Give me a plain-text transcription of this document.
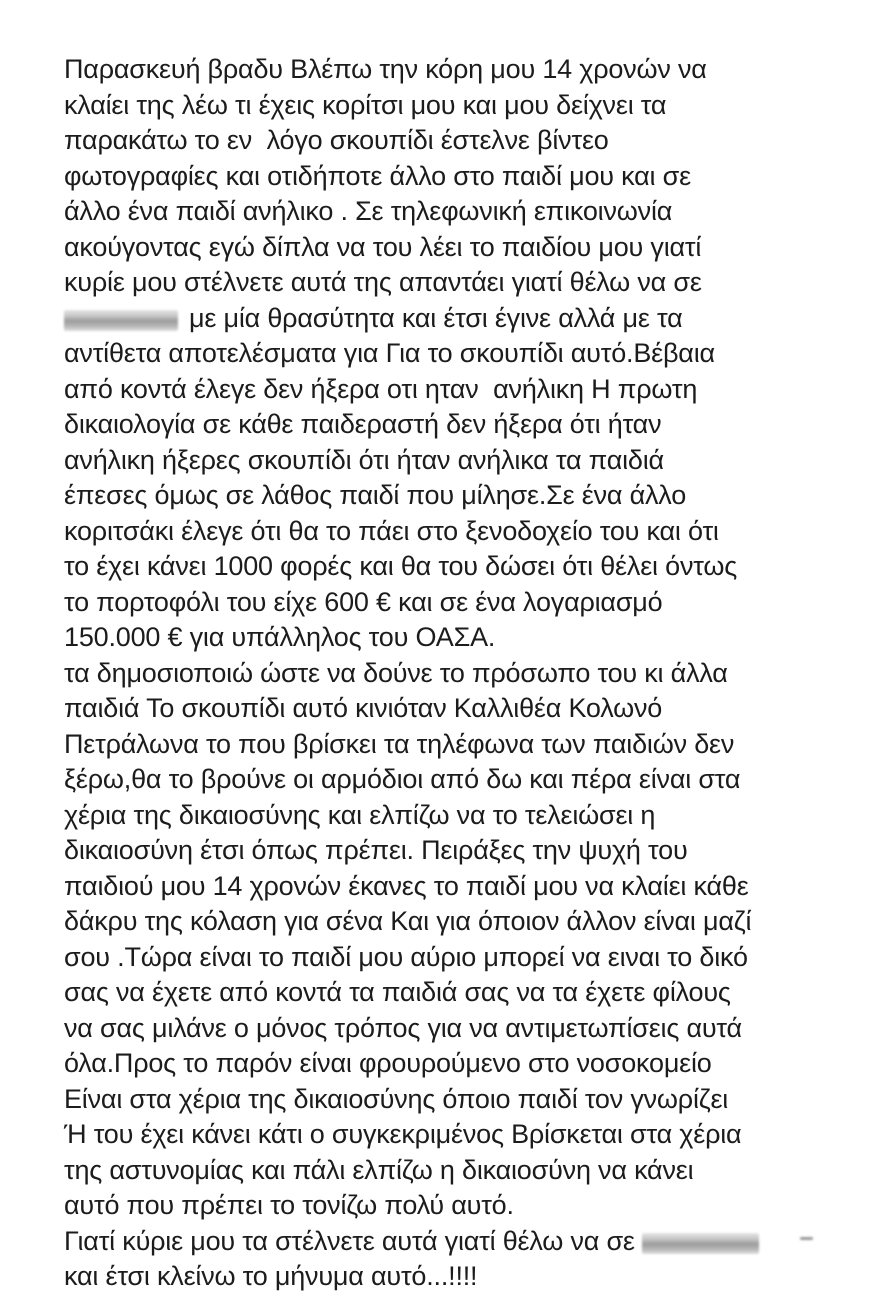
Παρασκευή βραδυ Βλέπω την κόρη μου 14 χρονών να
κλαίει της λέω τι έχεις κορίτσι μου και μου δείχνει τα
παρακάτω το εν  λόγο σκουπίδι έστελνε βίντεο
φωτογραφίες και οτιδήποτε άλλο στο παιδί μου και σε
άλλο ένα παιδί ανήλικο . Σε τηλεφωνική επικοινωνία
ακούγοντας εγώ δίπλα να του λέει το παιδίου μου γιατί
κυρίε μου στέλνετε αυτά της απαντάει γιατί θέλω να σε
με μία θρασύτητα και έτσι έγινε αλλά με τα
αντίθετα αποτελέσματα για Για το σκουπίδι αυτό.Βέβαια
από κοντά έλεγε δεν ήξερα οτι ηταν  ανήλικη Η πρωτη
δικαιολογία σε κάθε παιδεραστή δεν ήξερα ότι ήταν
ανήλικη ήξερες σκουπίδι ότι ήταν ανήλικα τα παιδιά
έπεσες όμως σε λάθος παιδί που μίλησε.Σε ένα άλλο
κοριτσάκι έλεγε ότι θα το πάει στο ξενοδοχείο του και ότι
το έχει κάνει 1000 φορές και θα του δώσει ότι θέλει όντως
το πορτοφόλι του είχε 600 € και σε ένα λογαριασμό
150.000 € για υπάλληλος του ΟΑΣΑ.
τα δημοσιοποιώ ώστε να δούνε το πρόσωπο του κι άλλα
παιδιά Το σκουπίδι αυτό κινιόταν Καλλιθέα Κολωνό
Πετράλωνα το που βρίσκει τα τηλέφωνα των παιδιών δεν
ξέρω,θα το βρούνε οι αρμόδιοι από δω και πέρα είναι στα
χέρια της δικαιοσύνης και ελπίζω να το τελειώσει η
δικαιοσύνη έτσι όπως πρέπει. Πειράξες την ψυχή του
παιδιού μου 14 χρονών έκανες το παιδί μου να κλαίει κάθε
δάκρυ της κόλαση για σένα Και για όποιον άλλον είναι μαζί
σου .Τώρα είναι το παιδί μου αύριο μπορεί να ειναι το δικό
σας να έχετε από κοντά τα παιδιά σας να τα έχετε φίλους
να σας μιλάνε ο μόνος τρόπος για να αντιμετωπίσεις αυτά
όλα.Προς το παρόν είναι φρουρούμενο στο νοσοκομείο
Είναι στα χέρια της δικαιοσύνης όποιο παιδί τον γνωρίζει
Ή του έχει κάνει κάτι ο συγκεκριμένος Βρίσκεται στα χέρια
της αστυνομίας και πάλι ελπίζω η δικαιοσύνη να κάνει
αυτό που πρέπει το τονίζω πολύ αυτό.
Γιατί κύριε μου τα στέλνετε αυτά γιατί θέλω να σε
και έτσι κλείνω το μήνυμα αυτό...!!!!
